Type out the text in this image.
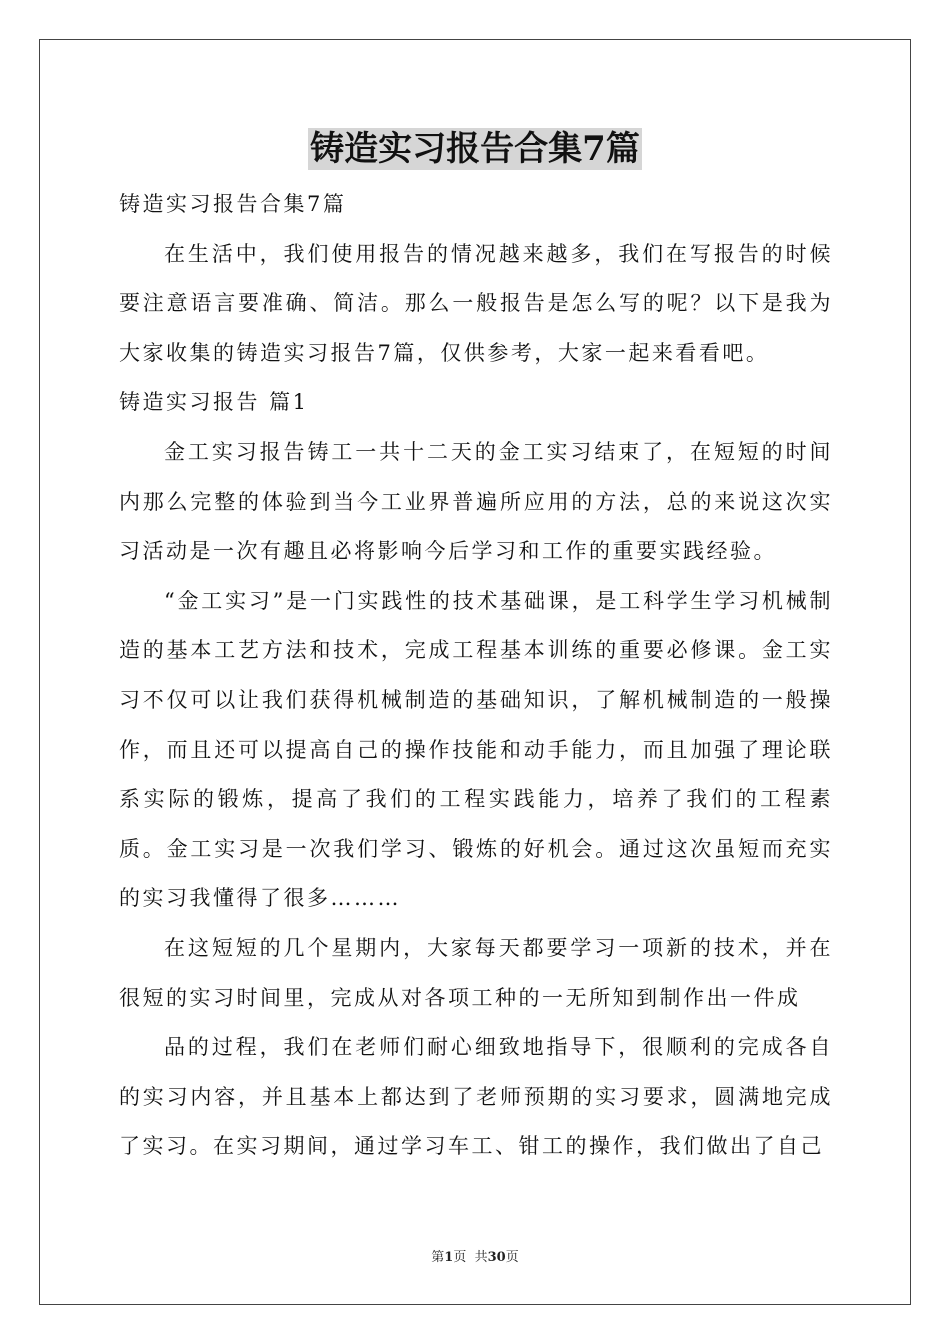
铸造实习报告合集7篇

铸造实习报告合集7篇

在生活中，我们使用报告的情况越来越多，我们在写报告的时候要注意语言要准确、简洁。那么一般报告是怎么写的呢？以下是我为大家收集的铸造实习报告7篇，仅供参考，大家一起来看看吧。

铸造实习报告 篇1

金工实习报告铸工一共十二天的金工实习结束了，在短短的时间内那么完整的体验到当今工业界普遍所应用的方法，总的来说这次实习活动是一次有趣且必将影响今后学习和工作的重要实践经验。

“金工实习”是一门实践性的技术基础课，是工科学生学习机械制造的基本工艺方法和技术，完成工程基本训练的重要必修课。金工实习不仅可以让我们获得机械制造的基础知识，了解机械制造的一般操作，而且还可以提高自己的操作技能和动手能力，而且加强了理论联系实际的锻炼，提高了我们的工程实践能力，培养了我们的工程素质。金工实习是一次我们学习、锻炼的好机会。通过这次虽短而充实的实习我懂得了很多………

在这短短的几个星期内，大家每天都要学习一项新的技术，并在很短的实习时间里，完成从对各项工种的一无所知到制作出一件成

品的过程，我们在老师们耐心细致地指导下，很顺利的完成各自的实习内容，并且基本上都达到了老师预期的实习要求，圆满地完成了实习。在实习期间，通过学习车工、钳工的操作，我们做出了自己

第1页  共30页
